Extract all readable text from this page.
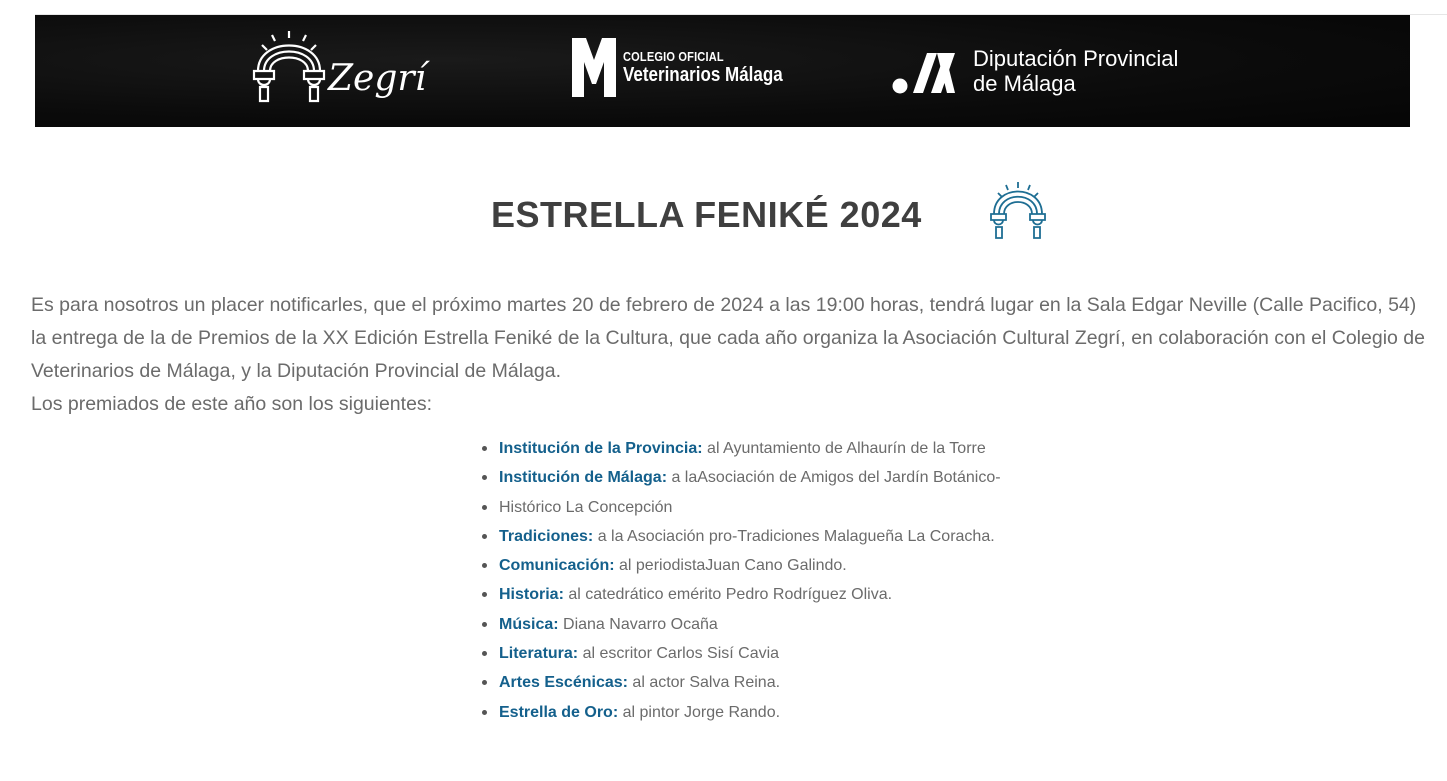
Zegrí
COLEGIO OFICIAL
Veterinarios Málaga
Diputación Provincial
de Málaga
ESTRELLA FENIKÉ 2024

Es para nosotros un placer notificarles, que el próximo martes 20 de febrero de 2024 a las 19:00 horas, tendrá lugar en la Sala Edgar Neville (Calle Pacifico, 54) la entrega de la de Premios de la XX Edición Estrella Feniké de la Cultura, que cada año organiza la Asociación Cultural Zegrí, en colaboración con el Colegio de Veterinarios de Málaga, y la Diputación Provincial de Málaga.

Los premiados de este año son los siguientes:

Institución de la Provincia: al Ayuntamiento de Alhaurín de la Torre
Institución de Málaga: a laAsociación de Amigos del Jardín Botánico-
Histórico La Concepción
Tradiciones: a la Asociación pro-Tradiciones Malagueña La Coracha.
Comunicación: al periodistaJuan Cano Galindo.
Historia: al catedrático emérito Pedro Rodríguez Oliva.
Música: Diana Navarro Ocaña
Literatura: al escritor Carlos Sisí Cavia
Artes Escénicas: al actor Salva Reina.
Estrella de Oro: al pintor Jorge Rando.
